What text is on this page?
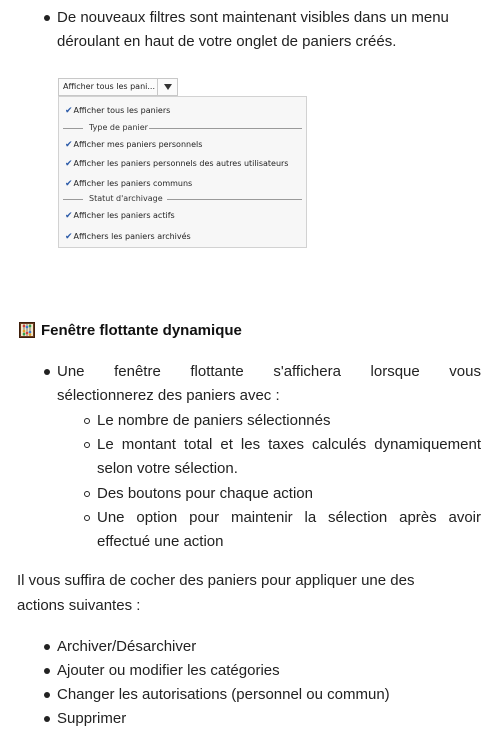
De nouveaux filtres sont maintenant visibles dans un menu
déroulant en haut de votre onglet de paniers créés.
Afficher tous les pani...
✔Afficher tous les paniers
Type de panier
✔Afficher mes paniers personnels
✔Afficher les paniers personnels des autres utilisateurs
✔Afficher les paniers communs
Statut d'archivage
✔Afficher les paniers actifs
✔Affichers les paniers archivés
Fenêtre flottante dynamique
Une fenêtre flottante s'affichera lorsque vous
sélectionnerez des paniers avec :
Le nombre de paniers sélectionnés
Le montant total et les taxes calculés dynamiquement
selon votre sélection.
Des boutons pour chaque action
Une option pour maintenir la sélection après avoir
effectué une action
Il vous suffira de cocher des paniers pour appliquer une des
actions suivantes :
Archiver/Désarchiver
Ajouter ou modifier les catégories
Changer les autorisations (personnel ou commun)
Supprimer
